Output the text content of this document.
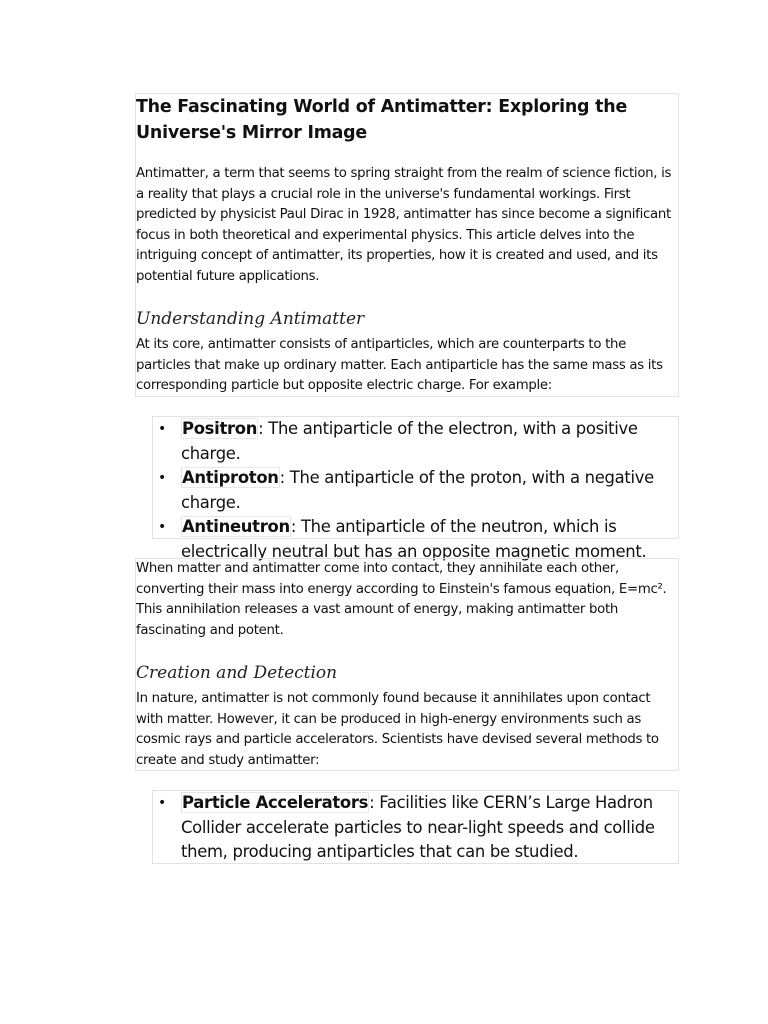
The Fascinating World of Antimatter: Exploring the Universe's Mirror Image

Antimatter, a term that seems to spring straight from the realm of science fiction, is a reality that plays a crucial role in the universe's fundamental workings. First predicted by physicist Paul Dirac in 1928, antimatter has since become a significant focus in both theoretical and experimental physics. This article delves into the intriguing concept of antimatter, its properties, how it is created and used, and its potential future applications.

Understanding Antimatter

At its core, antimatter consists of antiparticles, which are counterparts to the particles that make up ordinary matter. Each antiparticle has the same mass as its corresponding particle but opposite electric charge. For example:

• Positron: The antiparticle of the electron, with a positive charge.
• Antiproton: The antiparticle of the proton, with a negative charge.
• Antineutron: The antiparticle of the neutron, which is electrically neutral but has an opposite magnetic moment.

When matter and antimatter come into contact, they annihilate each other, converting their mass into energy according to Einstein's famous equation, E=mc². This annihilation releases a vast amount of energy, making antimatter both fascinating and potent.

Creation and Detection

In nature, antimatter is not commonly found because it annihilates upon contact with matter. However, it can be produced in high-energy environments such as cosmic rays and particle accelerators. Scientists have devised several methods to create and study antimatter:

• Particle Accelerators: Facilities like CERN’s Large Hadron Collider accelerate particles to near-light speeds and collide them, producing antiparticles that can be studied.
